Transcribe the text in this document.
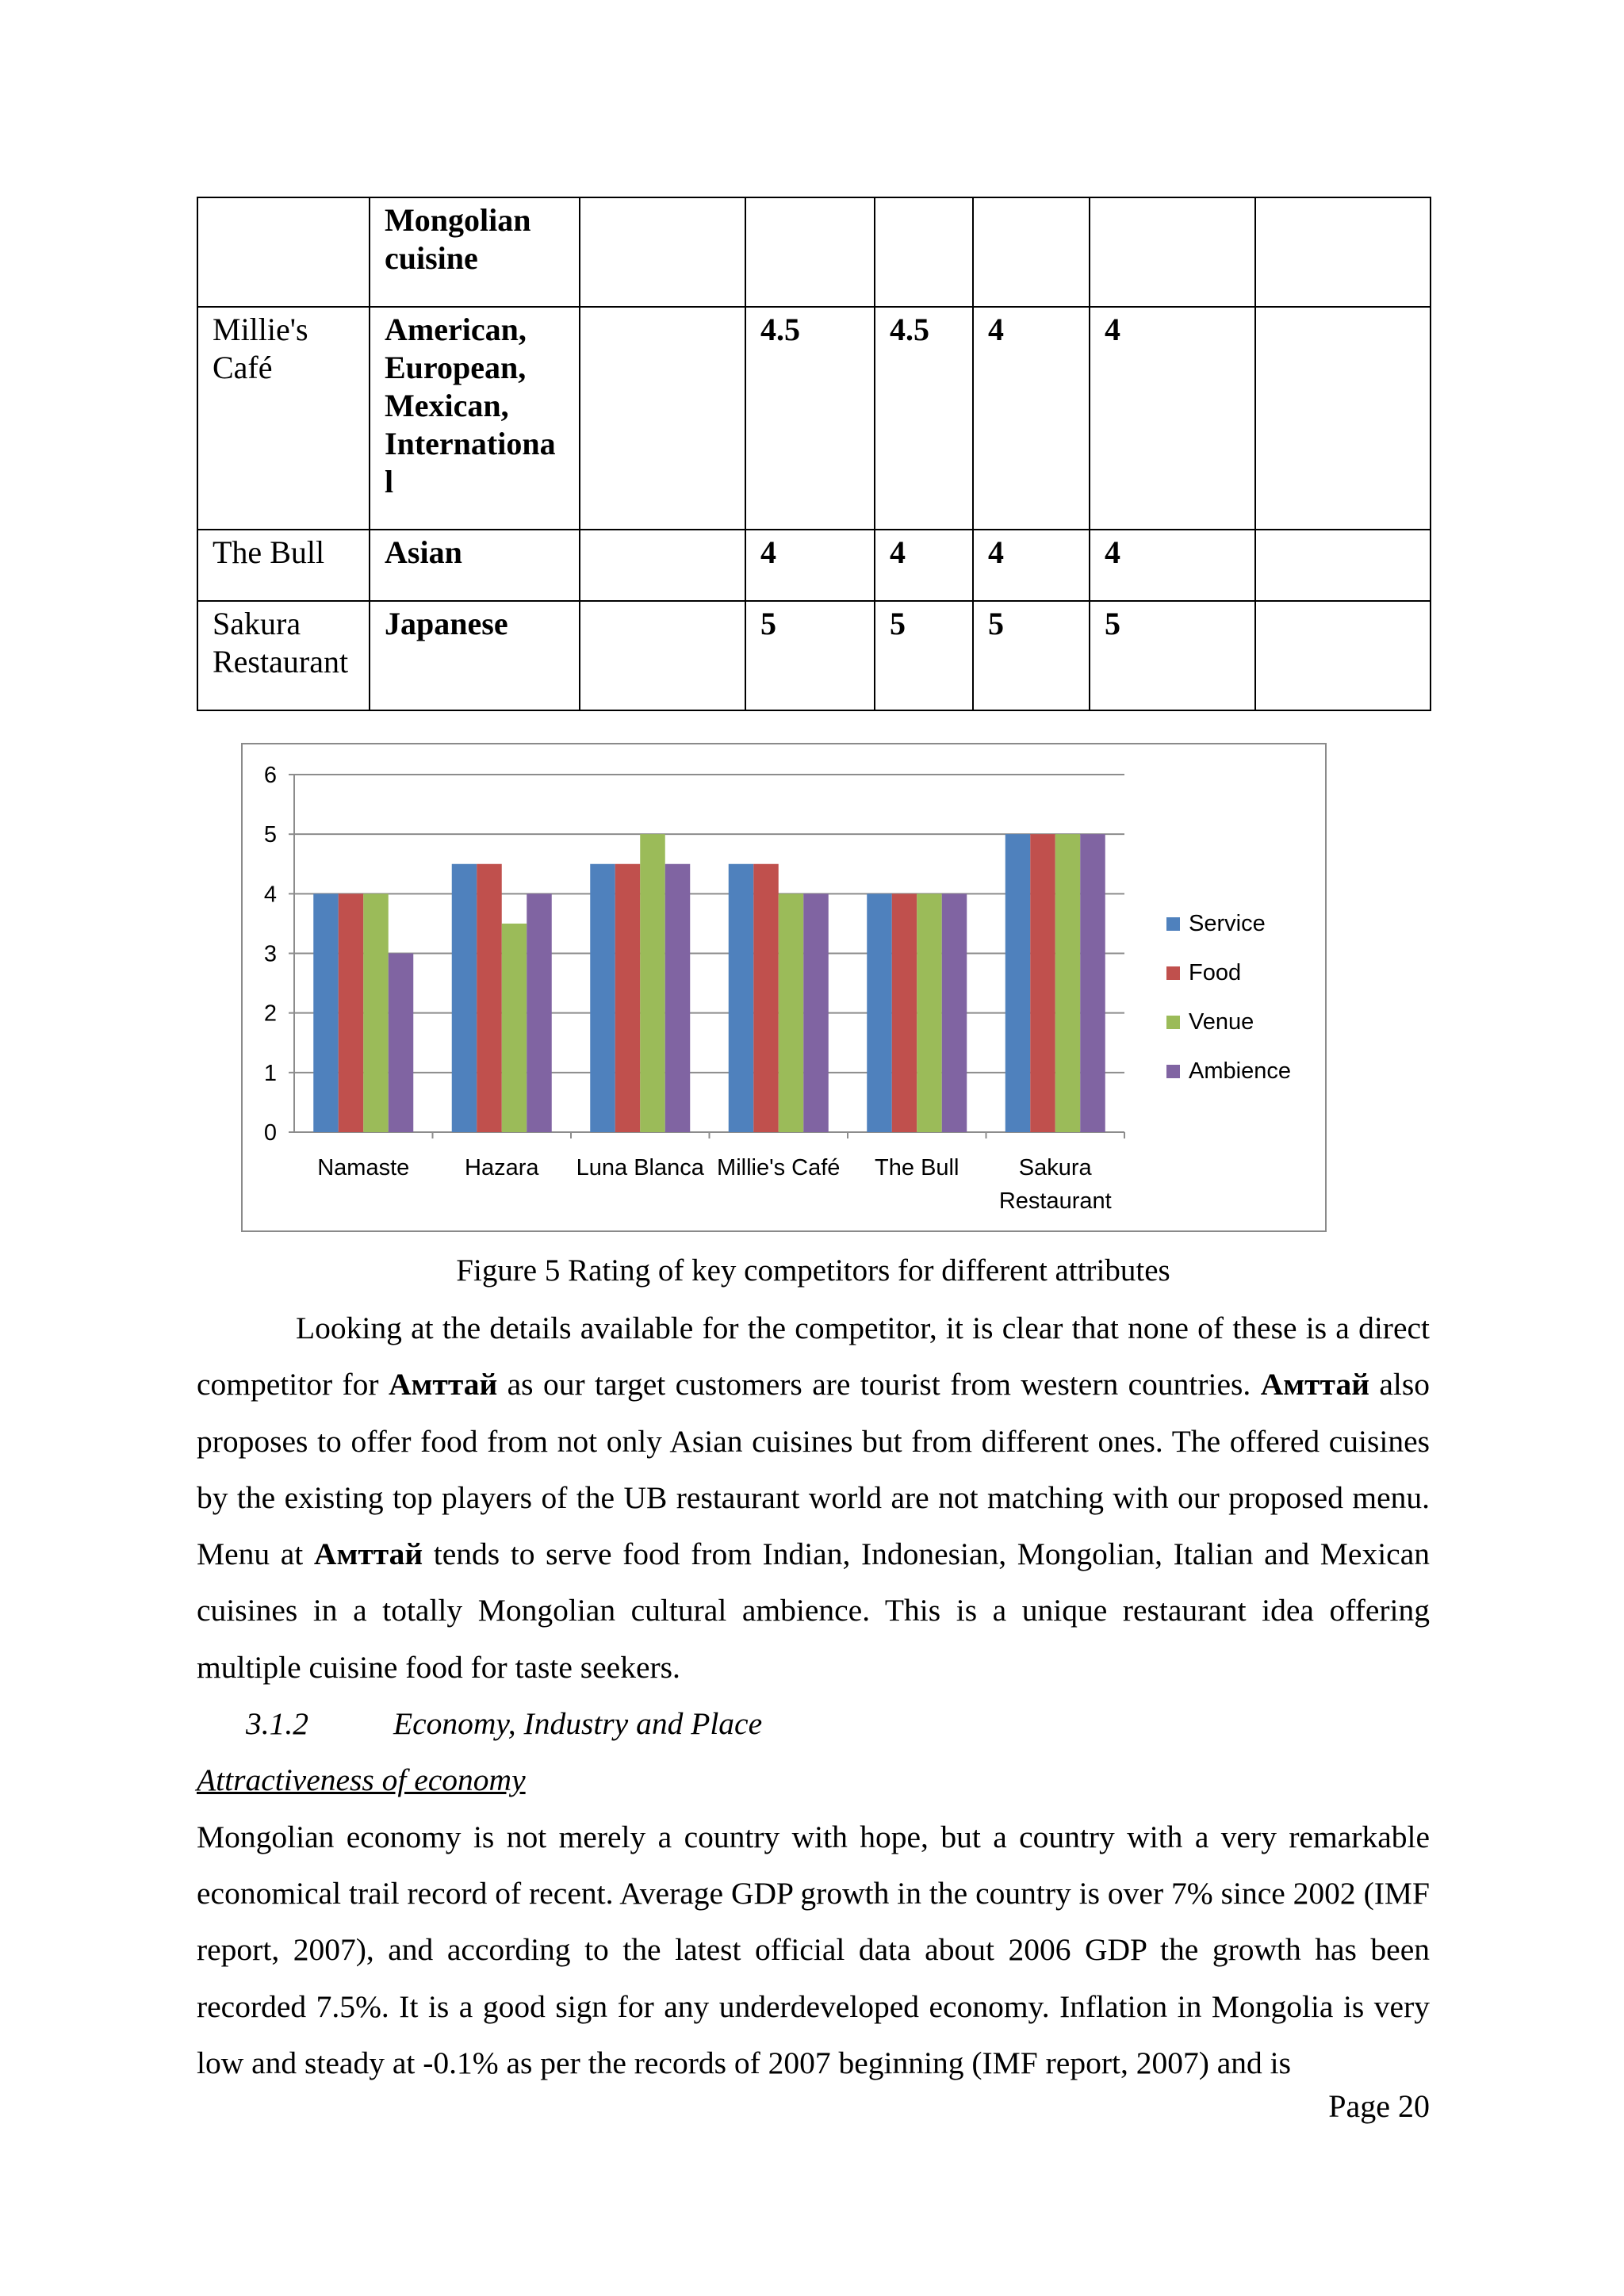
	Mongolian cuisine						
Millie's Café	American, European, Mexican, Internationa l		4.5	4.5	4	4	
The Bull	Asian		4	4	4	4	
Sakura Restaurant	Japanese		5	5	5	5	
0
1
2
3
4
5
6
Namaste Hazara Luna Blanca Millie's Café The Bull	Sakura
Restaurant
Service
Food
Venue
Ambience
Figure 5 Rating of key competitors for different attributes

Looking at the details available for the competitor, it is clear that none of these is a direct competitor for Амттай as our target customers are tourist from western countries. Амттай also proposes to offer food from not only Asian cuisines but from different ones. The offered cuisines by the existing top players of the UB restaurant world are not matching with our proposed menu. Menu at Амттай tends to serve food from Indian, Indonesian, Mongolian, Italian and Mexican cuisines in a totally Mongolian cultural ambience. This is a unique restaurant idea offering multiple cuisine food for taste seekers.

3.1.2	Economy, Industry and Place

Attractiveness of economy

Mongolian economy is not merely a country with hope, but a country with a very remarkable economical trail record of recent. Average GDP growth in the country is over 7% since 2002 (IMF report, 2007), and according to the latest official data about 2006 GDP the growth has been recorded 7.5%. It is a good sign for any underdeveloped economy. Inflation in Mongolia is very low and steady at -0.1% as per the records of 2007 beginning (IMF report, 2007) and is

Page 20
